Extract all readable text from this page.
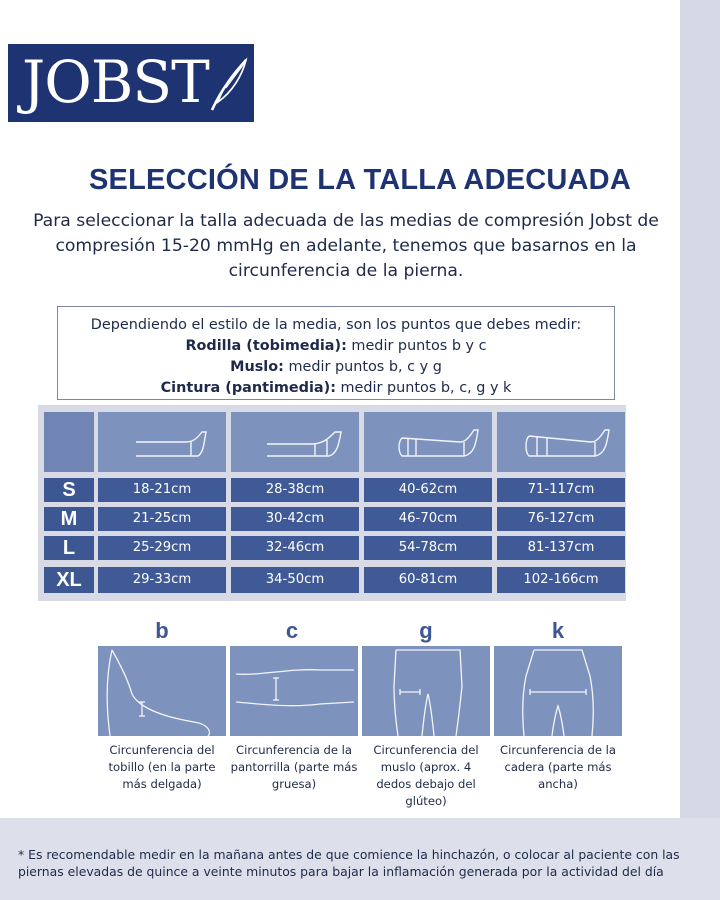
JOBST
SELECCIÓN DE LA TALLA ADECUADA
Para seleccionar la talla adecuada de las medias de compresión Jobst de compresión 15-20 mmHg en adelante, tenemos que basarnos en la circunferencia de la pierna.
Dependiendo el estilo de la media, son los puntos que debes medir:
Rodilla (tobimedia): medir puntos b y c
Muslo: medir puntos b, c y g
Cintura (pantimedia): medir puntos b, c, g y k
S	18-21cm	28-38cm	40-62cm	71-117cm
M	21-25cm	30-42cm	46-70cm	76-127cm
L	25-29cm	32-46cm	54-78cm	81-137cm
XL	29-33cm	34-50cm	60-81cm	102-166cm
b	c	g	k
Circunferencia del tobillo (en la parte más delgada)
Circunferencia de la pantorrilla (parte más gruesa)
Circunferencia del muslo (aprox. 4 dedos debajo del glúteo)
Circunferencia de la cadera (parte más ancha)
* Es recomendable medir en la mañana antes de que comience la hinchazón, o colocar al paciente con las piernas elevadas de quince a veinte minutos para bajar la inflamación generada por la actividad del día
